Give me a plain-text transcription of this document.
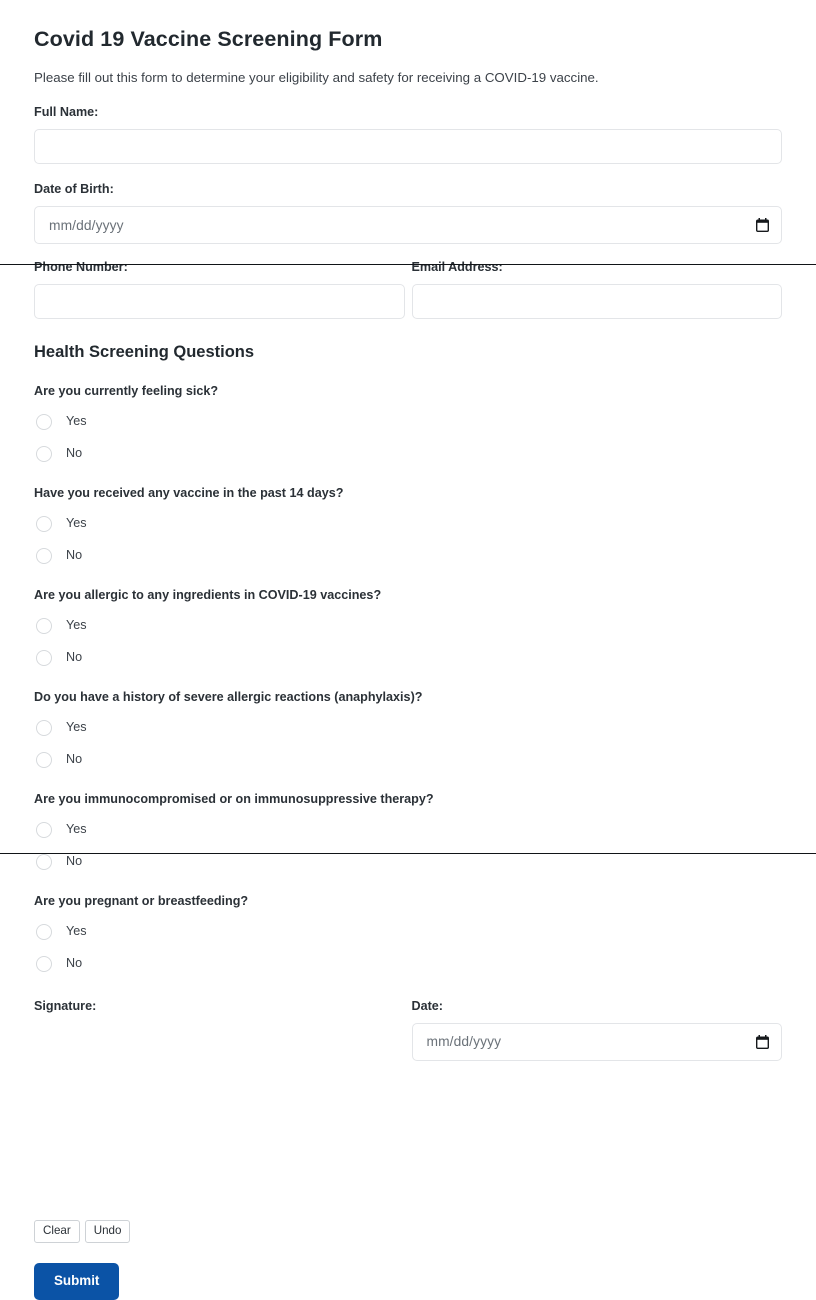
Covid 19 Vaccine Screening Form

Please fill out this form to determine your eligibility and safety for receiving a COVID-19 vaccine.

Full Name:
Date of Birth:
mm/dd/yyyy
Phone Number:	Email Address:
Health Screening Questions
Are you currently feeling sick?
Yes
No
Have you received any vaccine in the past 14 days?
Yes
No
Are you allergic to any ingredients in COVID-19 vaccines?
Yes
No
Do you have a history of severe allergic reactions (anaphylaxis)?
Yes
No
Are you immunocompromised or on immunosuppressive therapy?
Yes
No
Are you pregnant or breastfeeding?
Yes
No
Signature:	Date:
mm/dd/yyyy
Clear	Undo
Submit
